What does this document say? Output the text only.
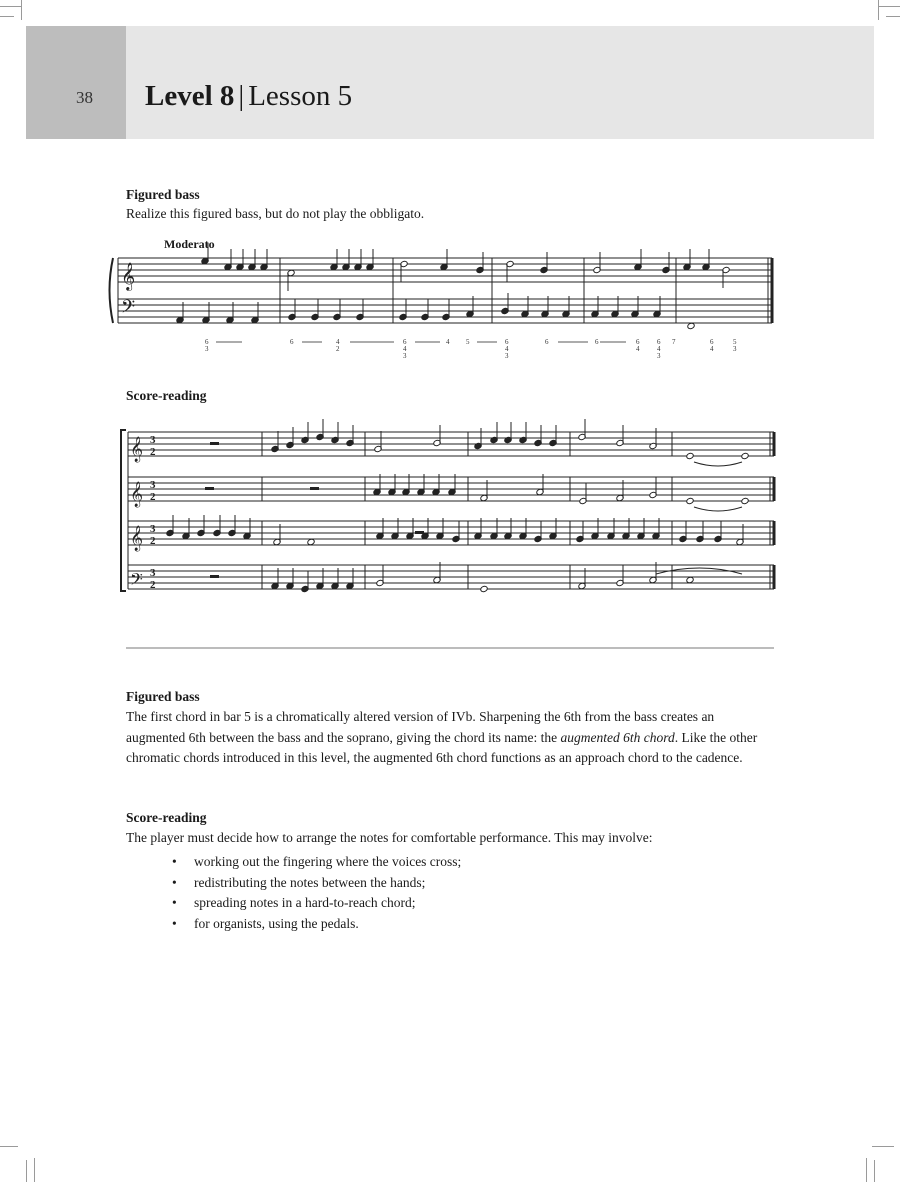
38 Level 8 | Lesson 5
Figured bass
Realize this figured bass, but do not play the obbligato.
Moderato
𝄞
𝄢
6
3
6	4
2
6
4
3
4 5	6
4
3
6	6	6
4
6
4
3
7	6
4
5
3
𝄞
𝄞
𝄞
𝄢
3
2
3
2
3
2
3
2
Score-reading
Figured bass
The first chord in bar 5 is a chromatically altered version of IVb. Sharpening the 6th from the bass creates an augmented 6th between the bass and the soprano, giving the chord its name: the augmented 6th chord. Like the other chromatic chords introduced in this level, the augmented 6th chord functions as an approach chord to the cadence.
Score-reading
The player must decide how to arrange the notes for comfortable performance. This may involve:
• working out the fingering where the voices cross;
• redistributing the notes between the hands;
• spreading notes in a hard-to-reach chord;
• for organists, using the pedals.
